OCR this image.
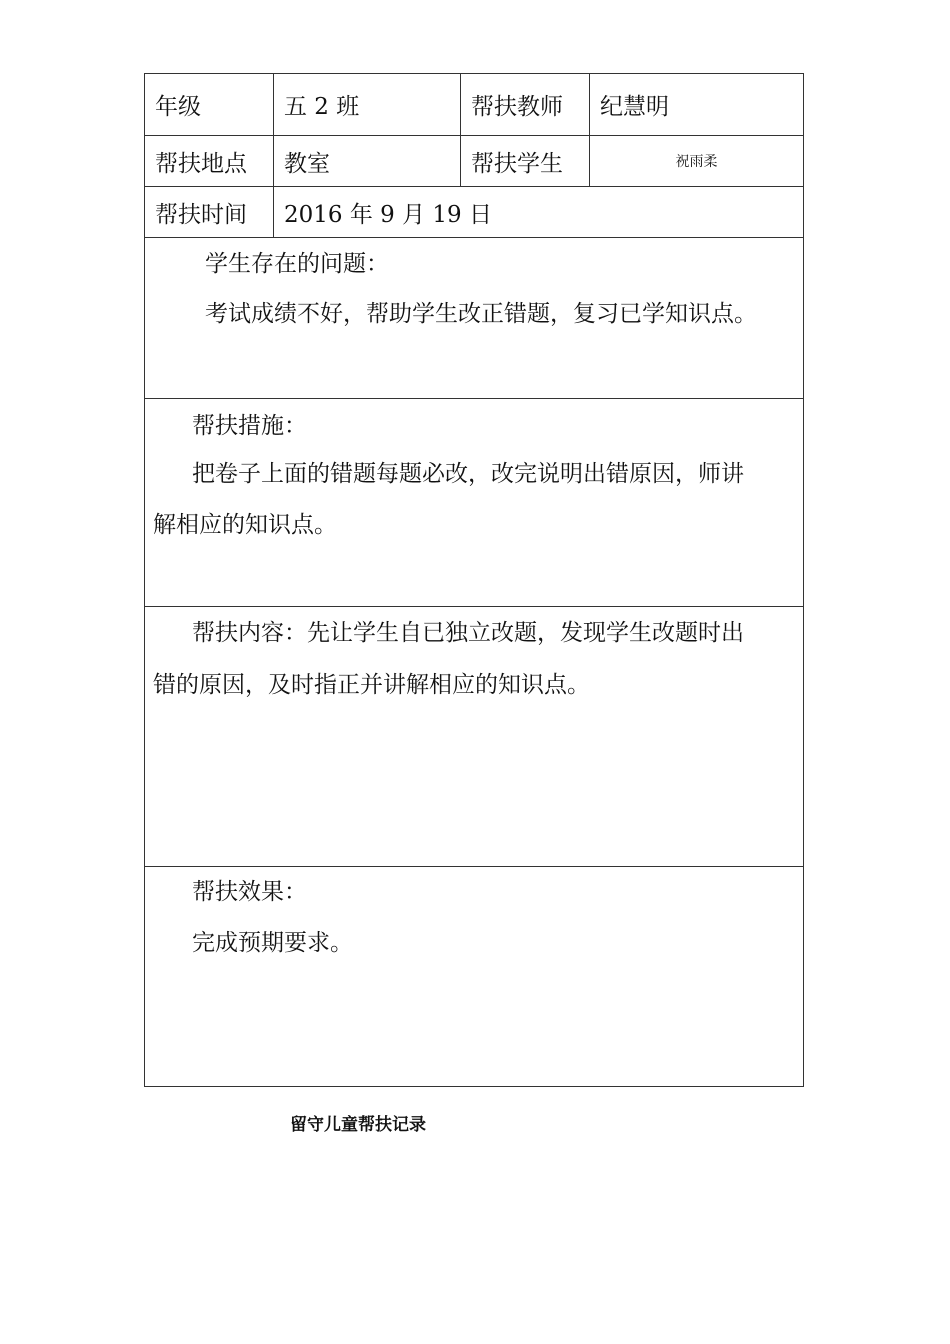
年级	五 2 班	帮扶教师	纪慧明
帮扶地点	教室	帮扶学生	祝雨柔
帮扶时间	2016 年 9 月 19 日
学生存在的问题：
考试成绩不好，帮助学生改正错题，复习已学知识点。
帮扶措施：
把卷子上面的错题每题必改，改完说明出错原因，师讲
解相应的知识点。
帮扶内容：先让学生自已独立改题，发现学生改题时出
错的原因，及时指正并讲解相应的知识点。
帮扶效果：
完成预期要求。
留守儿童帮扶记录
